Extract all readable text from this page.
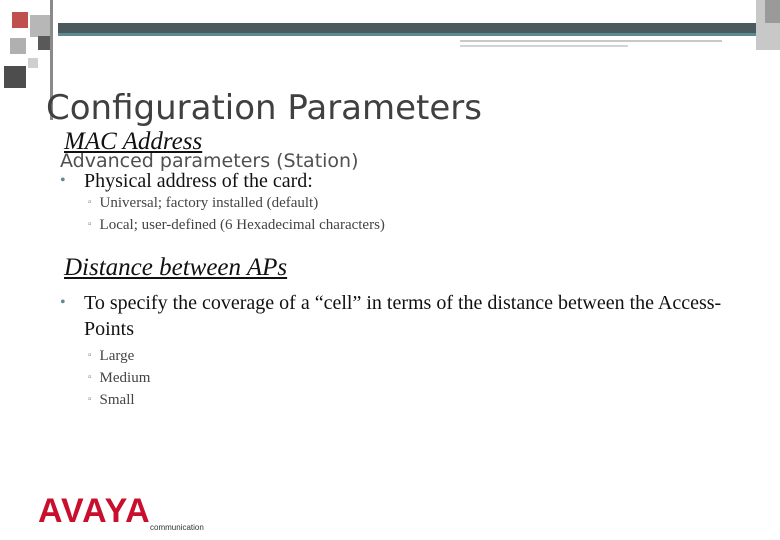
Configuration Parameters
Advanced parameters (Station)
MAC Address
• Physical address of the card:
▫ Universal; factory installed (default)
▫ Local; user-defined (6 Hexadecimal characters)
Distance between APs
• To specify the coverage of a “cell” in terms of the distance between the Access-Points
▫ Large
▫ Medium
▫ Small
AVAYA communication
